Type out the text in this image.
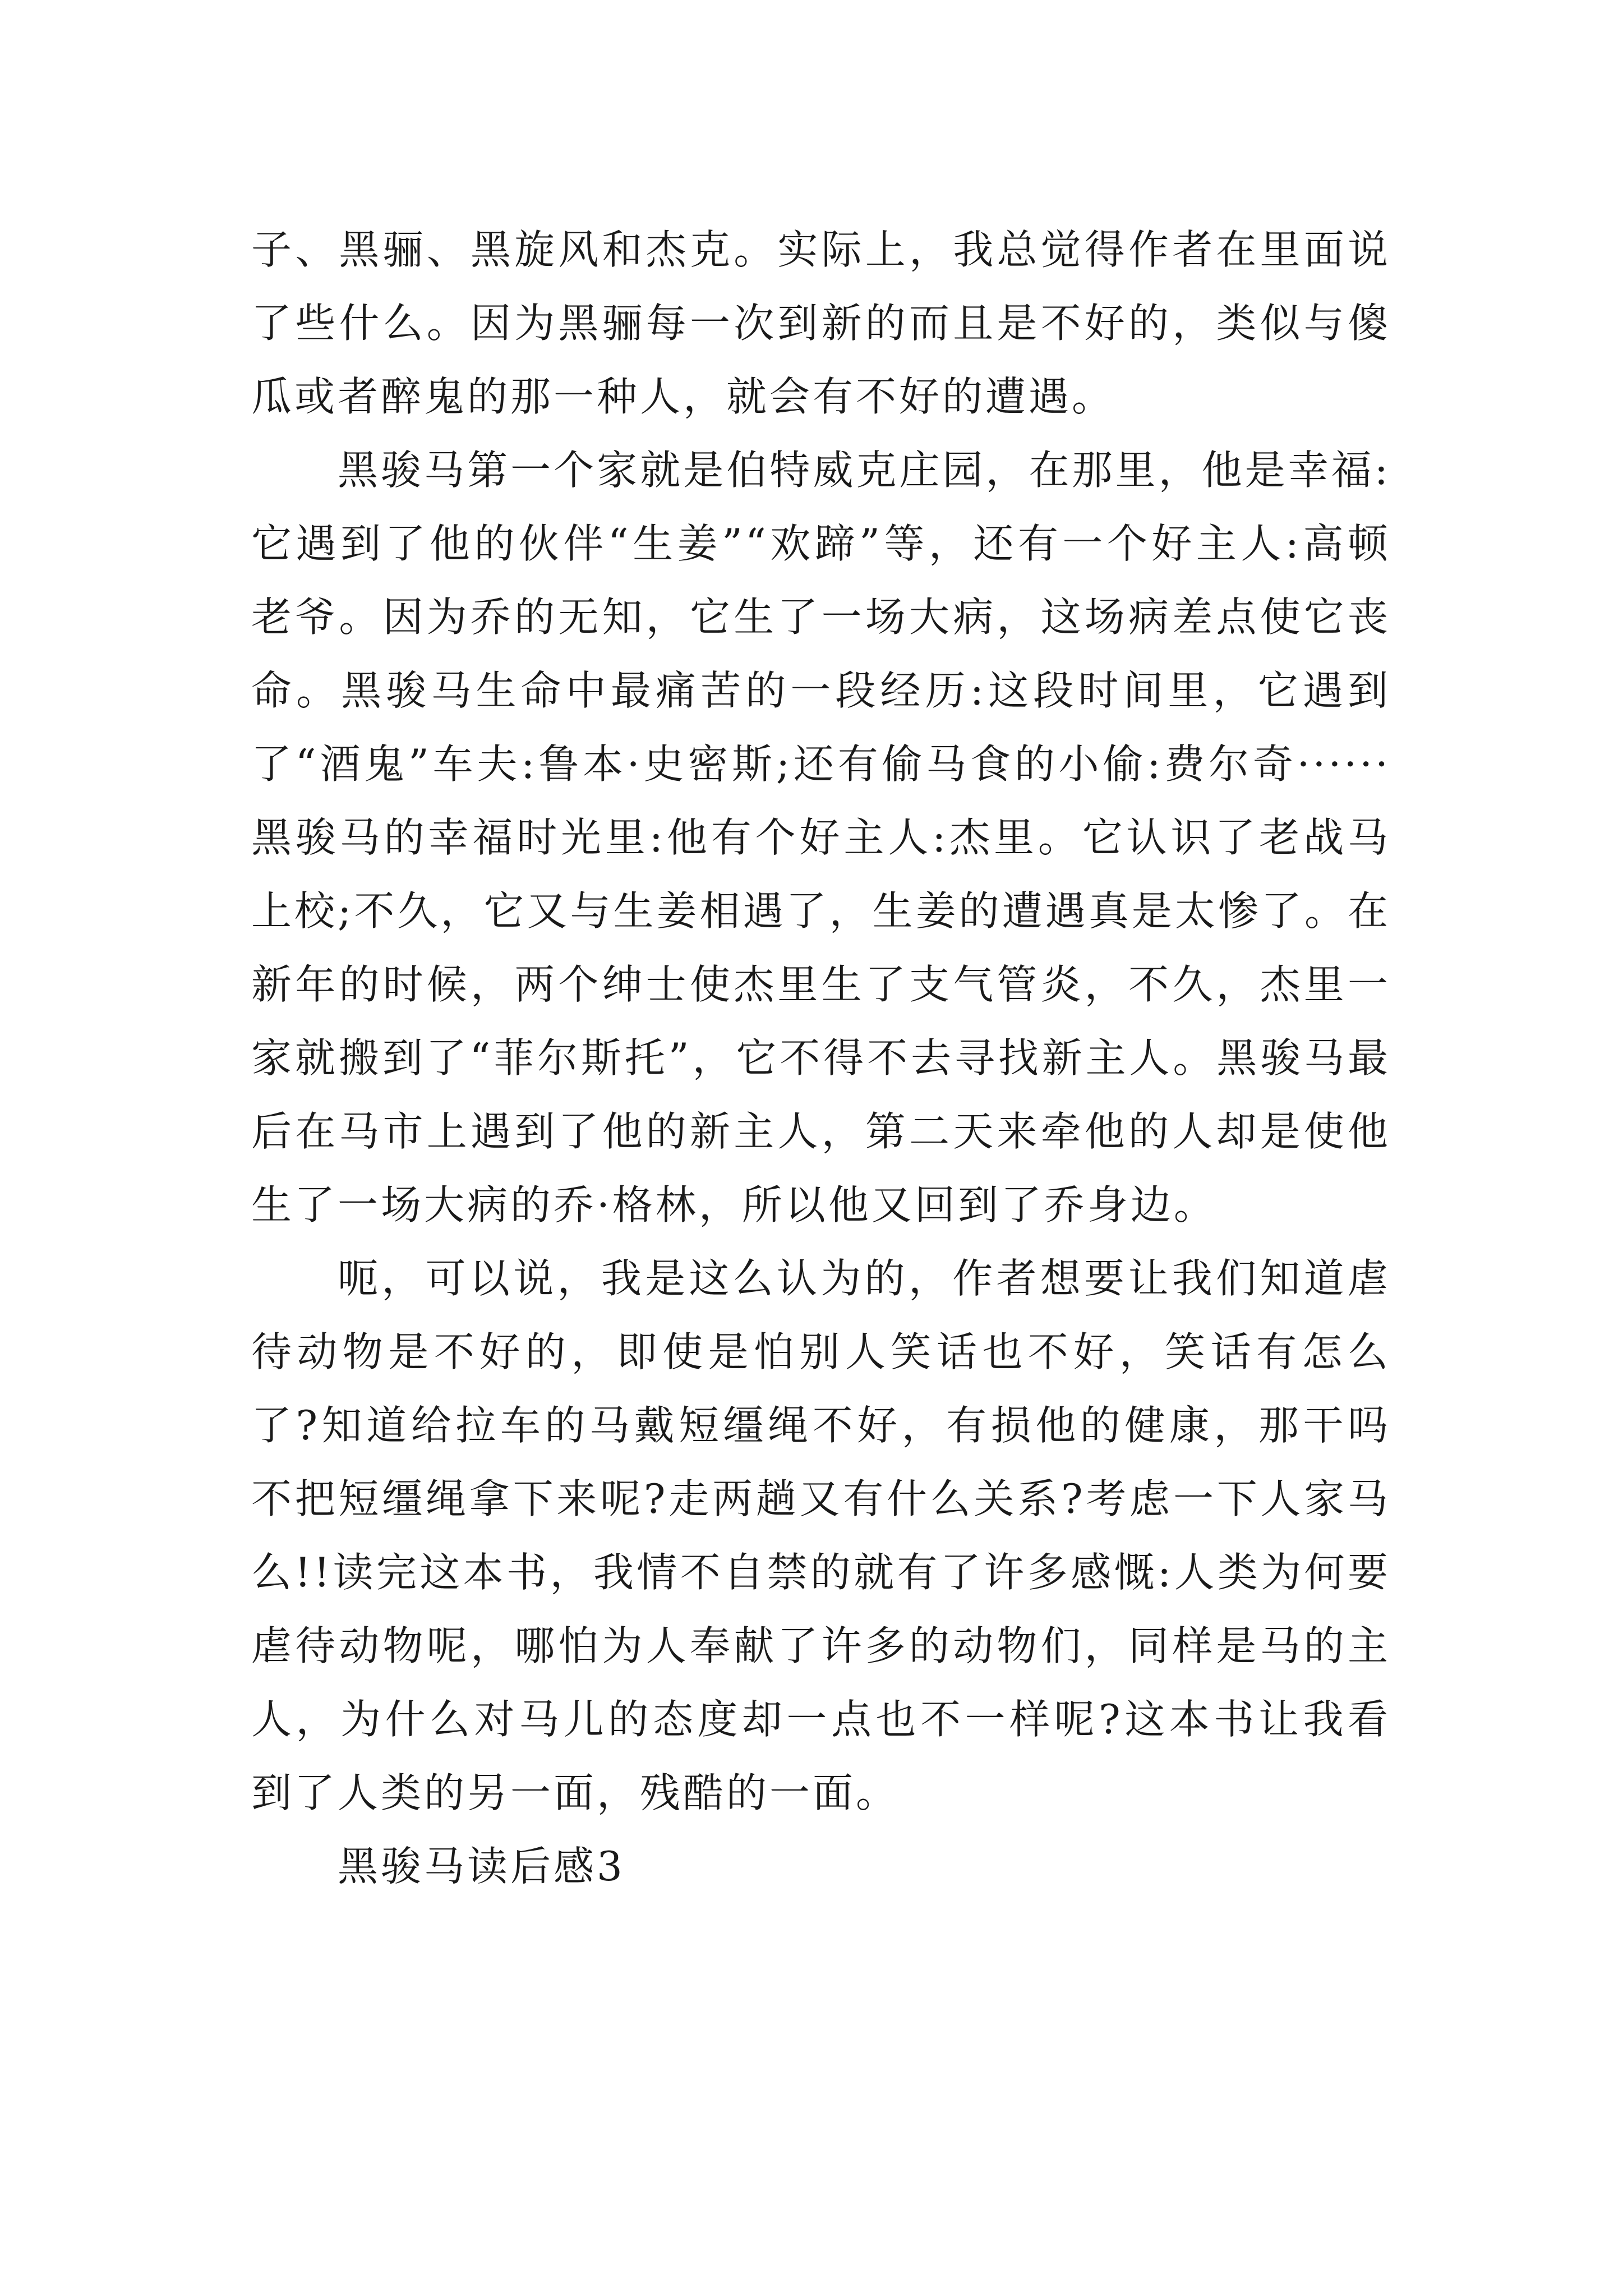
子、黑骊、黑旋风和杰克。实际上，我总觉得作者在里面说了些什么。因为黑骊每一次到新的而且是不好的，类似与傻瓜或者醉鬼的那一种人，就会有不好的遭遇。

黑骏马第一个家就是伯特威克庄园，在那里，他是幸福:它遇到了他的伙伴“生姜”“欢蹄”等，还有一个好主人:高顿老爷。因为乔的无知，它生了一场大病，这场病差点使它丧命。黑骏马生命中最痛苦的一段经历:这段时间里，它遇到了“酒鬼”车夫:鲁本·史密斯;还有偷马食的小偷:费尔奇······黑骏马的幸福时光里:他有个好主人:杰里。它认识了老战马上校;不久，它又与生姜相遇了，生姜的遭遇真是太惨了。在新年的时候，两个绅士使杰里生了支气管炎，不久，杰里一家就搬到了“菲尔斯托”，它不得不去寻找新主人。黑骏马最后在马市上遇到了他的新主人，第二天来牵他的人却是使他生了一场大病的乔·格林，所以他又回到了乔身边。

呃，可以说，我是这么认为的，作者想要让我们知道虐待动物是不好的，即使是怕别人笑话也不好，笑话有怎么了?知道给拉车的马戴短缰绳不好，有损他的健康，那干吗不把短缰绳拿下来呢?走两趟又有什么关系?考虑一下人家马么!!读完这本书，我情不自禁的就有了许多感慨:人类为何要虐待动物呢，哪怕为人奉献了许多的动物们，同样是马的主人，为什么对马儿的态度却一点也不一样呢?这本书让我看到了人类的另一面，残酷的一面。

黑骏马读后感3
